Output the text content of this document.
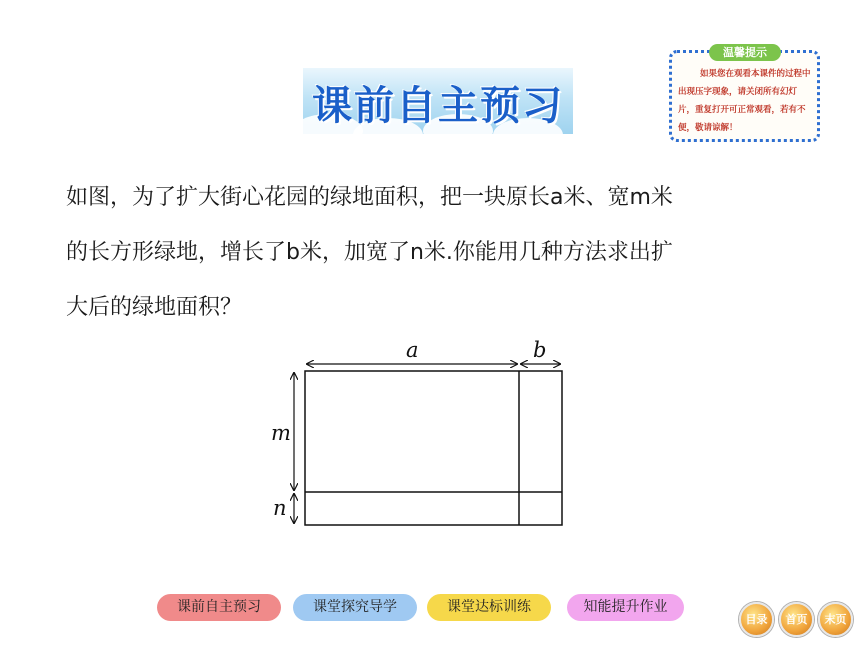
课前自主预习
温馨提示
如果您在观看本课件的过程中出现压字现象，请关闭所有幻灯片，重复打开可正常观看，若有不便，敬请谅解！
如图，为了扩大街心花园的绿地面积，把一块原长a米、宽m米
的长方形绿地，增长了b米，加宽了n米.你能用几种方法求出扩
大后的绿地面积？
a	b
m
n
课前自主预习	课堂探究导学	课堂达标训练	知能提升作业
目录	首页	末页
